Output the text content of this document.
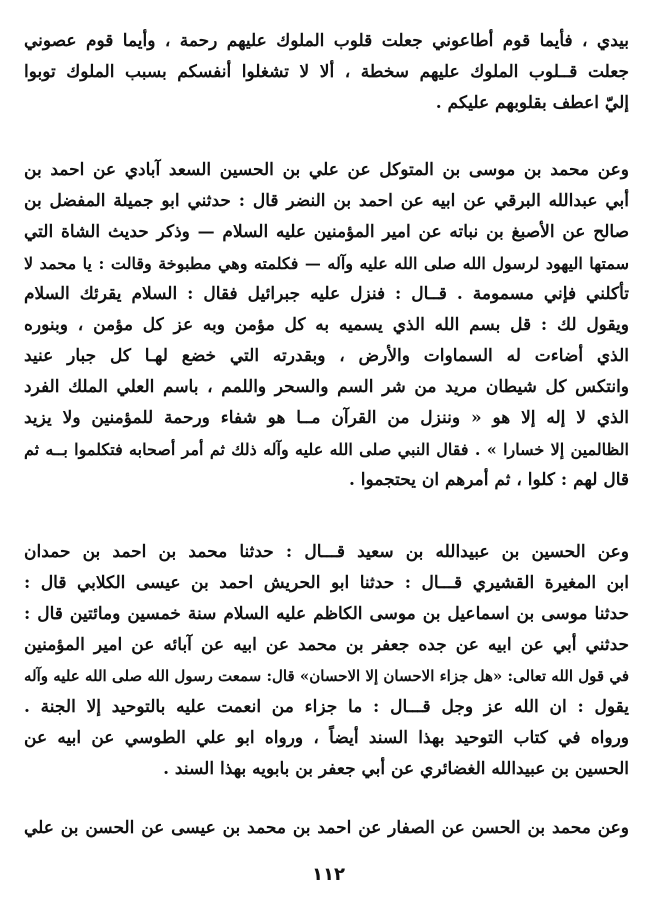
بيدي ، فأيما قوم أطاعوني جعلت قلوب الملوك عليهم رحمة ، وأيما قوم عصوني
جعلت قــلوب الملوك عليهم سخطة ، ألا لا تشغلوا أنفسكم بسبب الملوك توبوا
إليّ اعطف بقلوبهم عليكم .
وعن محمد بن موسى بن المتوكل عن علي بن الحسين السعد آبادي عن احمد بن
أبي عبدالله البرقي عن ابيه عن احمد بن النضر قال : حدثني ابو جميلة المفضل بن
صالح عن الأصبغ بن نباته عن امير المؤمنين عليه السلام — وذكر حديث الشاة التي
سمتها اليهود لرسول الله صلى الله عليه وآله — فكلمته وهي مطبوخة وقالت : يا محمد لا
تأكلني فإني مسمومة . قــال : فنزل عليه جبرائيل فقال : السلام يقرئك السلام
ويقول لك : قل بسم الله الذي يسميه به كل مؤمن وبه عز كل مؤمن ، وبنوره
الذي أضاءت له السماوات والأرض ، وبقدرته التي خضع لهـا كل جبار عنيد
وانتكس كل شيطان مريد من شر السم والسحر واللمم ، باسم العلي الملك الفرد
الذي لا إله إلا هو « وننزل من القرآن مــا هو شفاء ورحمة للمؤمنين ولا يزيد
الظالمين إلا خسارا » . فقال النبي صلى الله عليه وآله ذلك ثم أمر أصحابه فتكلموا بــه ثم
قال لهم : كلوا ، ثم أمرهم ان يحتجموا .
وعن الحسين بن عبيدالله بن سعيد قـــال : حدثنا محمد بن احمد بن حمدان
ابن المغيرة القشيري قـــال : حدثنا ابو الحريش احمد بن عيسى الكلابي قال :
حدثنا موسى بن اسماعيل بن موسى الكاظم عليه السلام سنة خمسين ومائتين قال :
حدثني أبي عن ابيه عن جده جعفر بن محمد عن ابيه عن آبائه عن امير المؤمنين
في قول الله تعالى: «هل جزاء الاحسان إلا الاحسان» قال: سمعت رسول الله صلى الله عليه وآله
يقول : ان الله عز وجل قـــال : ما جزاء من انعمت عليه بالتوحيد إلا الجنة .
ورواه في كتاب التوحيد بهذا السند أيضاً ، ورواه ابو علي الطوسي عن ابيه عن
الحسين بن عبيدالله الغضائري عن أبي جعفر بن بابويه بهذا السند .
وعن محمد بن الحسن عن الصفار عن احمد بن محمد بن عيسى عن الحسن بن علي
١١٢
